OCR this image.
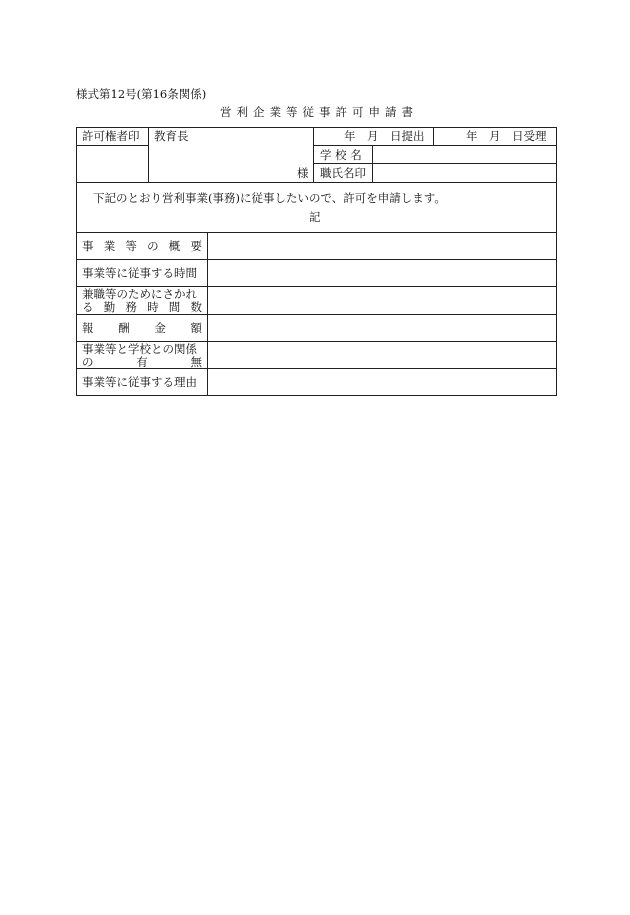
様式第12号(第16条関係)
営利企業等従事許可申請書
許可権者印 教育長
様
年　月　日提出	年　月　日受理
学 校 名
職氏名印
下記のとおり営利事業(事務)に従事したいので、許可を申請します。
記
事 業 等 の 概 要
事業等に従事する時間
兼職等のためにさかれ
る 勤 務 時 間 数
報 酬 金 額
事業等と学校との関係
の	有	無
事業等に従事する理由
